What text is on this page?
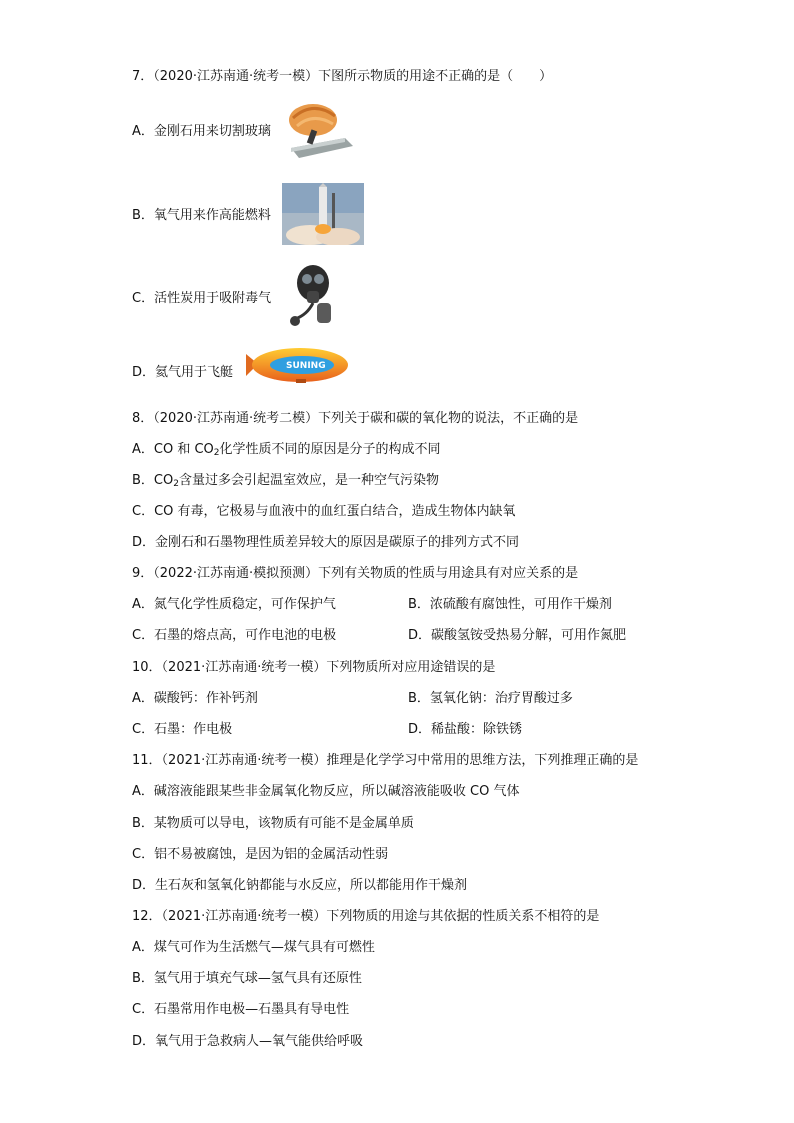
7．（2020·江苏南通·统考一模）下图所示物质的用途不正确的是（　　）
A．金刚石用来切割玻璃
B．氧气用来作高能燃料
C．活性炭用于吸附毒气
D．氦气用于飞艇	SUNING
8．（2020·江苏南通·统考二模）下列关于碳和碳的氧化物的说法，不正确的是
A．CO 和 $CO_2$化学性质不同的原因是分子的构成不同
B．$CO_2$含量过多会引起温室效应，是一种空气污染物
C．CO 有毒，它极易与血液中的血红蛋白结合，造成生物体内缺氧
D．金刚石和石墨物理性质差异较大的原因是碳原子的排列方式不同
9．（2022·江苏南通·模拟预测）下列有关物质的性质与用途具有对应关系的是
A．氮气化学性质稳定，可作保护气	B．浓硫酸有腐蚀性，可用作干燥剂
C．石墨的熔点高，可作电池的电极	D．碳酸氢铵受热易分解，可用作氮肥
10．（2021·江苏南通·统考一模）下列物质所对应用途错误的是
A．碳酸钙：作补钙剂	B．氢氧化钠：治疗胃酸过多
C．石墨：作电极	D．稀盐酸：除铁锈
11．（2021·江苏南通·统考一模）推理是化学学习中常用的思维方法，下列推理正确的是
A．碱溶液能跟某些非金属氧化物反应，所以碱溶液能吸收 CO 气体
B．某物质可以导电，该物质有可能不是金属单质
C．铝不易被腐蚀，是因为铝的金属活动性弱
D．生石灰和氢氧化钠都能与水反应，所以都能用作干燥剂
12．（2021·江苏南通·统考一模）下列物质的用途与其依据的性质关系不相符的是
A．煤气可作为生活燃气—煤气具有可燃性
B．氢气用于填充气球—氢气具有还原性
C．石墨常用作电极—石墨具有导电性
D．氧气用于急救病人—氧气能供给呼吸
